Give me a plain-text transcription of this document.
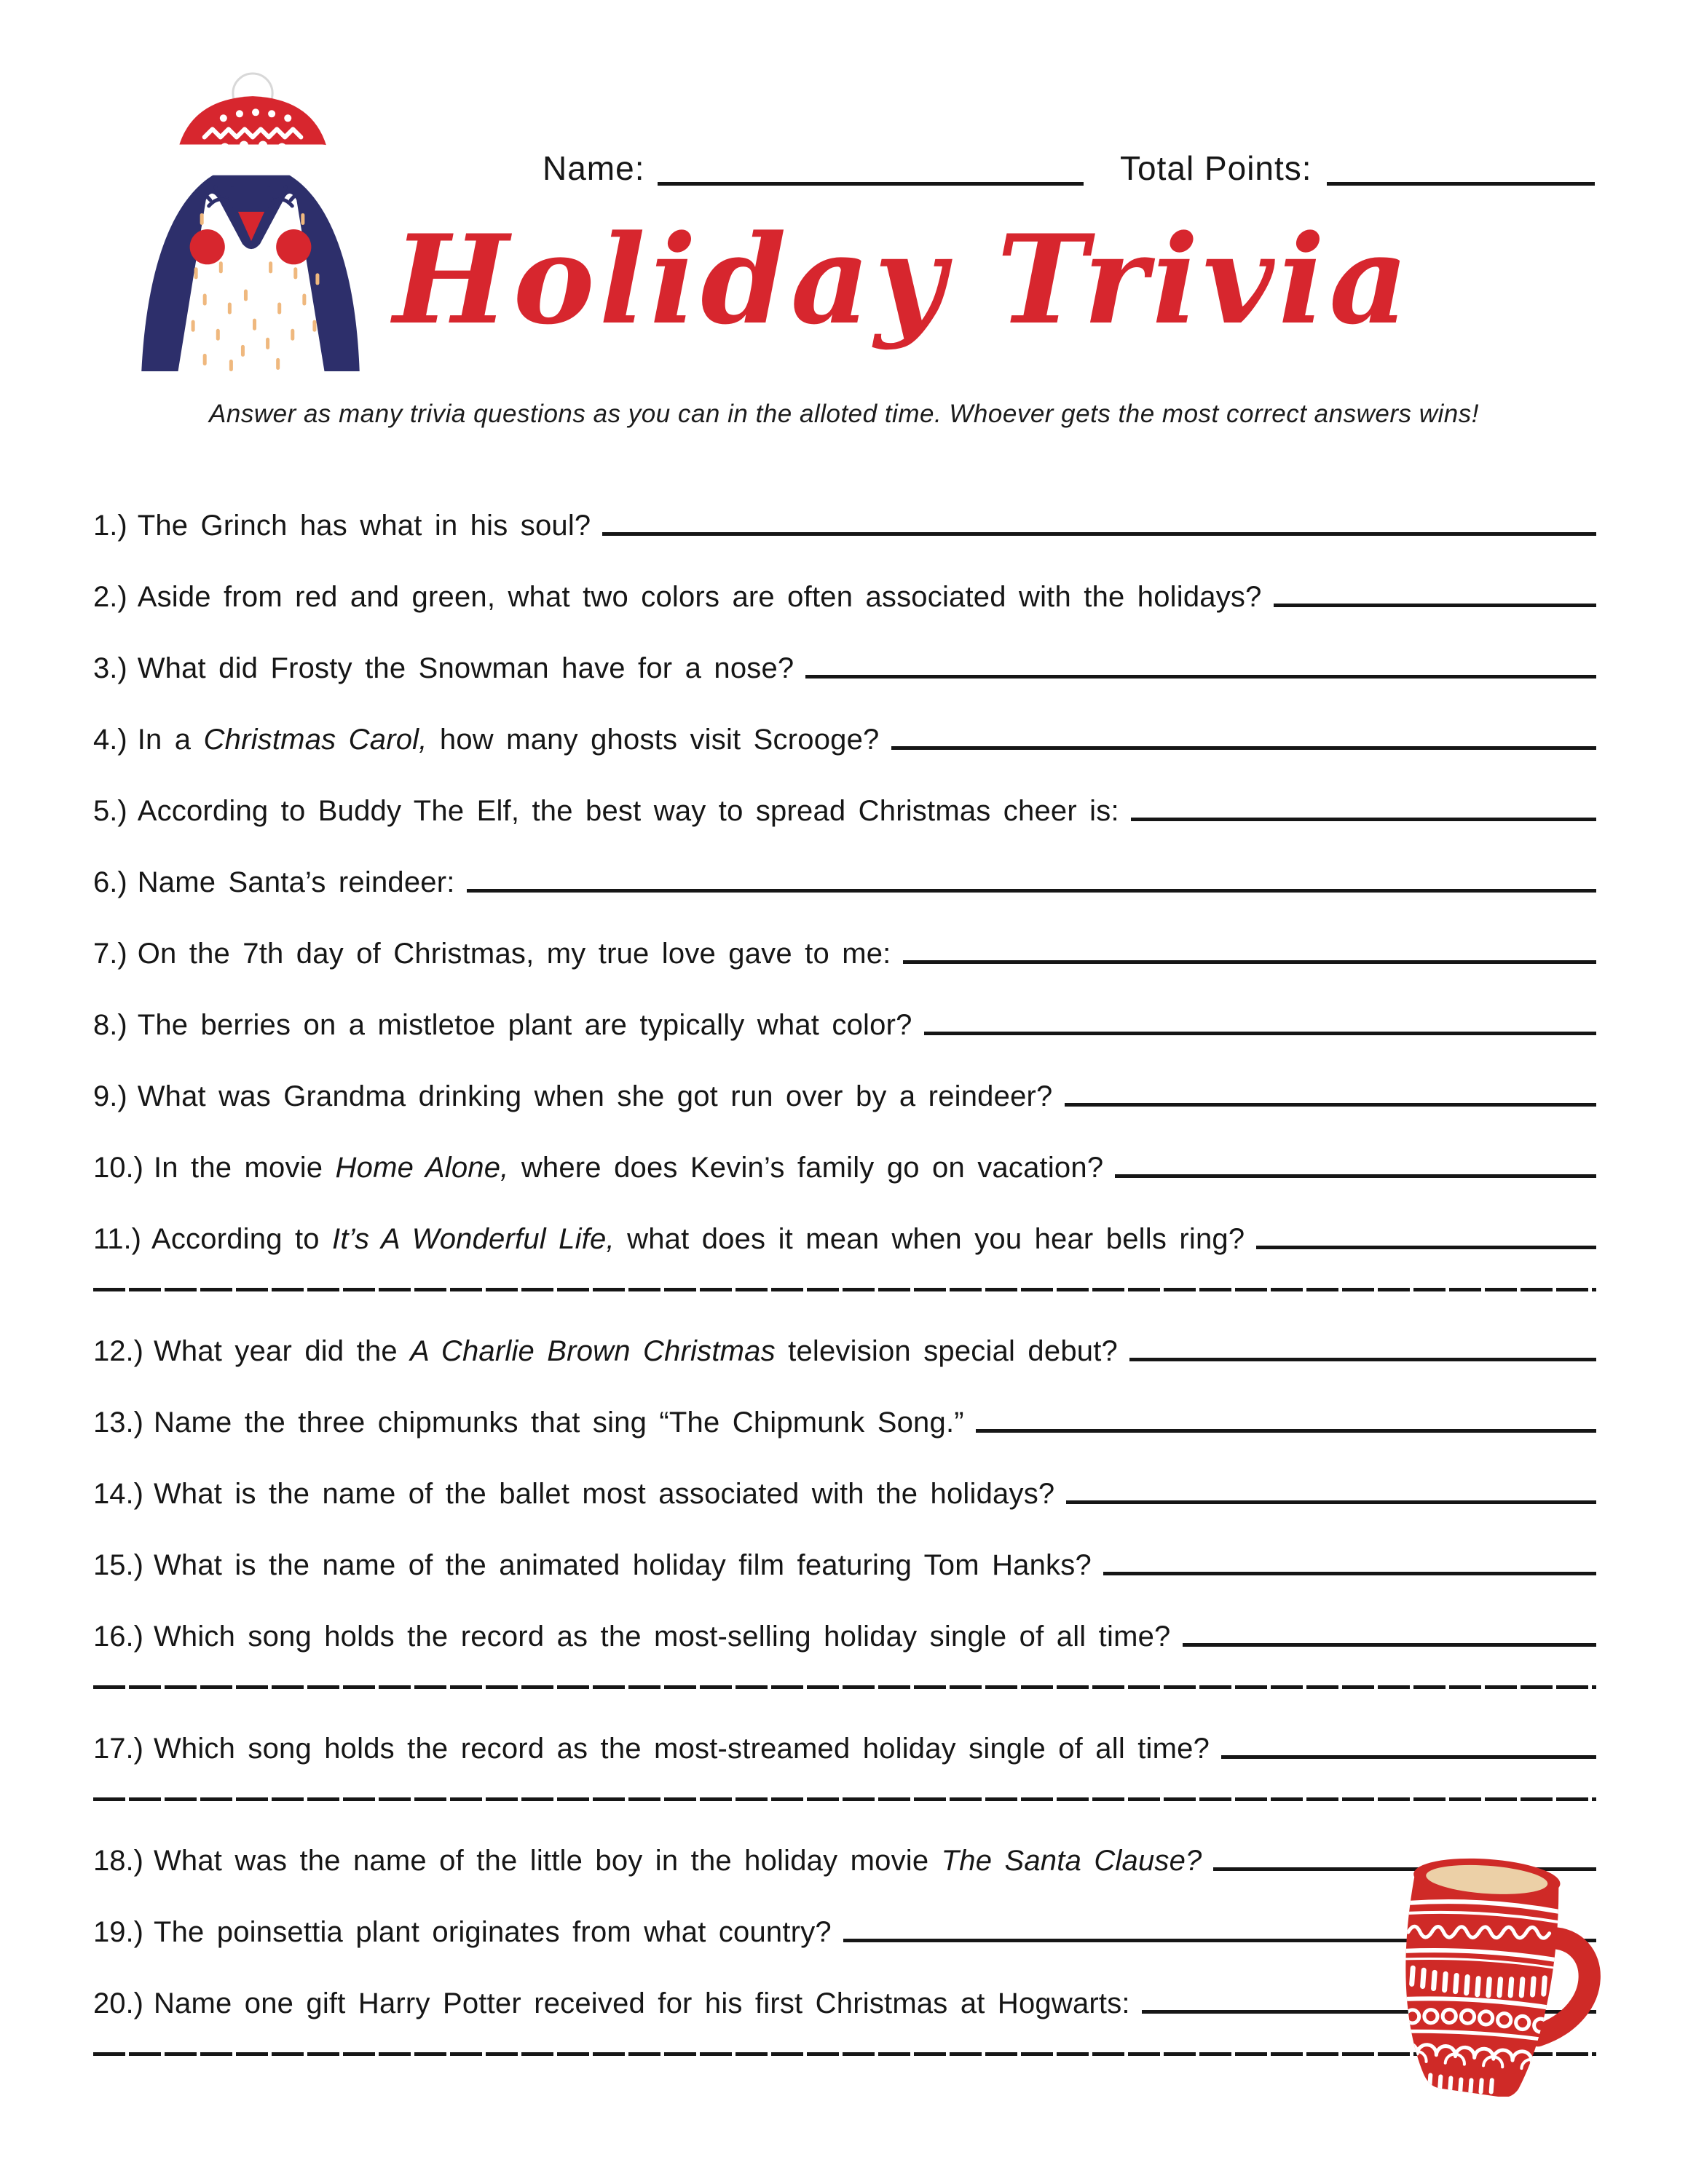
Name:	Total Points:
Holiday Trivia
Answer as many trivia questions as you can in the alloted time. Whoever gets the most correct answers wins!
1.) The Grinch has what in his soul?
2.) Aside from red and green, what two colors are often associated with the holidays?
3.) What did Frosty the Snowman have for a nose?
4.) In a Christmas Carol, how many ghosts visit Scrooge?
5.) According to Buddy The Elf, the best way to spread Christmas cheer is:
6.) Name Santa’s reindeer:
7.) On the 7th day of Christmas, my true love gave to me:
8.) The berries on a mistletoe plant are typically what color?
9.) What was Grandma drinking when she got run over by a reindeer?
10.) In the movie Home Alone, where does Kevin’s family go on vacation?
11.) According to It’s A Wonderful Life, what does it mean when you hear bells ring?
12.) What year did the A Charlie Brown Christmas television special debut?
13.) Name the three chipmunks that sing “The Chipmunk Song.”
14.) What is the name of the ballet most associated with the holidays?
15.) What is the name of the animated holiday film featuring Tom Hanks?
16.) Which song holds the record as the most-selling holiday single of all time?
17.) Which song holds the record as the most-streamed holiday single of all time?
18.) What was the name of the little boy in the holiday movie The Santa Clause?
19.) The poinsettia plant originates from what country?
20.) Name one gift Harry Potter received for his first Christmas at Hogwarts:
